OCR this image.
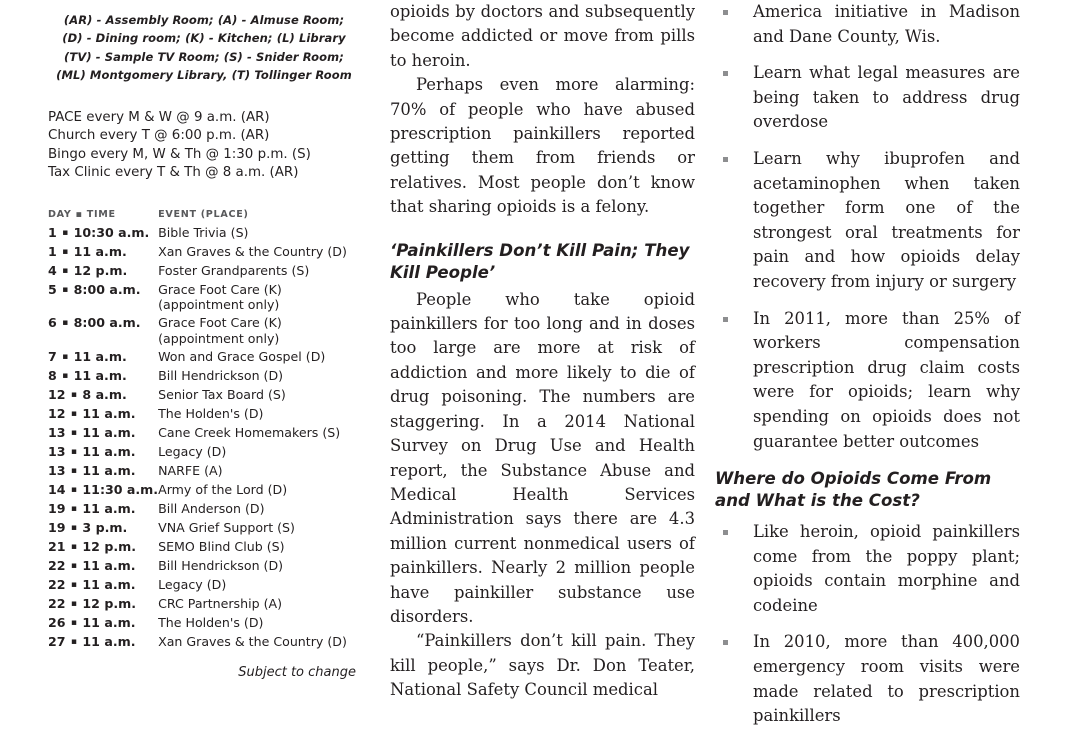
(AR) - Assembly Room; (A) - Almuse Room;
(D) - Dining room; (K) - Kitchen; (L) Library
(TV) - Sample TV Room; (S) - Snider Room;
(ML) Montgomery Library, (T) Tollinger Room
PACE every M & W @ 9 a.m. (AR)
Church every T @ 6:00 p.m. (AR)
Bingo every M, W & Th @ 1:30 p.m. (S)
Tax Clinic every T & Th @ 8 a.m. (AR)
DAY ▪ TIME	EVENT (PLACE)
1 ▪ 10:30 a.m.	Bible Trivia (S)
1 ▪ 11 a.m.	Xan Graves & the Country (D)
4 ▪ 12 p.m.	Foster Grandparents (S)
5 ▪ 8:00 a.m.	Grace Foot Care (K)
(appointment only)

6 ▪ 8:00 a.m.	Grace Foot Care (K)
(appointment only)

7 ▪ 11 a.m.	Won and Grace Gospel (D)
8 ▪ 11 a.m.	Bill Hendrickson (D)
12 ▪ 8 a.m.	Senior Tax Board (S)
12 ▪ 11 a.m.	The Holden's (D)
13 ▪ 11 a.m.	Cane Creek Homemakers (S)
13 ▪ 11 a.m.	Legacy (D)
13 ▪ 11 a.m.	NARFE (A)
14 ▪ 11:30 a.m.	Army of the Lord (D)
19 ▪ 11 a.m.	Bill Anderson (D)
19 ▪ 3 p.m.	VNA Grief Support (S)
21 ▪ 12 p.m.	SEMO Blind Club (S)
22 ▪ 11 a.m.	Bill Hendrickson (D)
22 ▪ 11 a.m.	Legacy (D)
22 ▪ 12 p.m.	CRC Partnership (A)
26 ▪ 11 a.m.	The Holden's (D)
27 ▪ 11 a.m.	Xan Graves & the Country (D)
Subject to change

opioids by doctors and subsequently become addicted or move from pills to heroin.

Perhaps even more alarming: 70% of people who have abused prescription painkillers reported getting them from friends or relatives. Most people don’t know that sharing opioids is a felony.

‘Painkillers Don’t Kill Pain; They Kill People’

People who take opioid painkillers for too long and in doses too large are more at risk of addiction and more likely to die of drug poisoning. The numbers are staggering. In a 2014 National Survey on Drug Use and Health report, the Substance Abuse and Medical Health Services Administration says there are 4.3 million current nonmedical users of painkillers. Nearly 2 million people have painkiller substance use disorders.

“Painkillers don’t kill pain. They kill people,” says Dr. Don Teater, National Safety Council medical

America initiative in Madison and Dane County, Wis.
Learn what legal measures are being taken to address drug overdose
Learn why ibuprofen and acetaminophen when taken together form one of the strongest oral treatments for pain and how opioids delay recovery from injury or surgery
In 2011, more than 25% of workers compensation prescription drug claim costs were for opioids; learn why spending on opioids does not guarantee better outcomes
Where do Opioids Come From and What is the Cost?
Like heroin, opioid painkillers come from the poppy plant; opioids contain morphine and codeine
In 2010, more than 400,000 emergency room visits were made related to prescription painkillers
